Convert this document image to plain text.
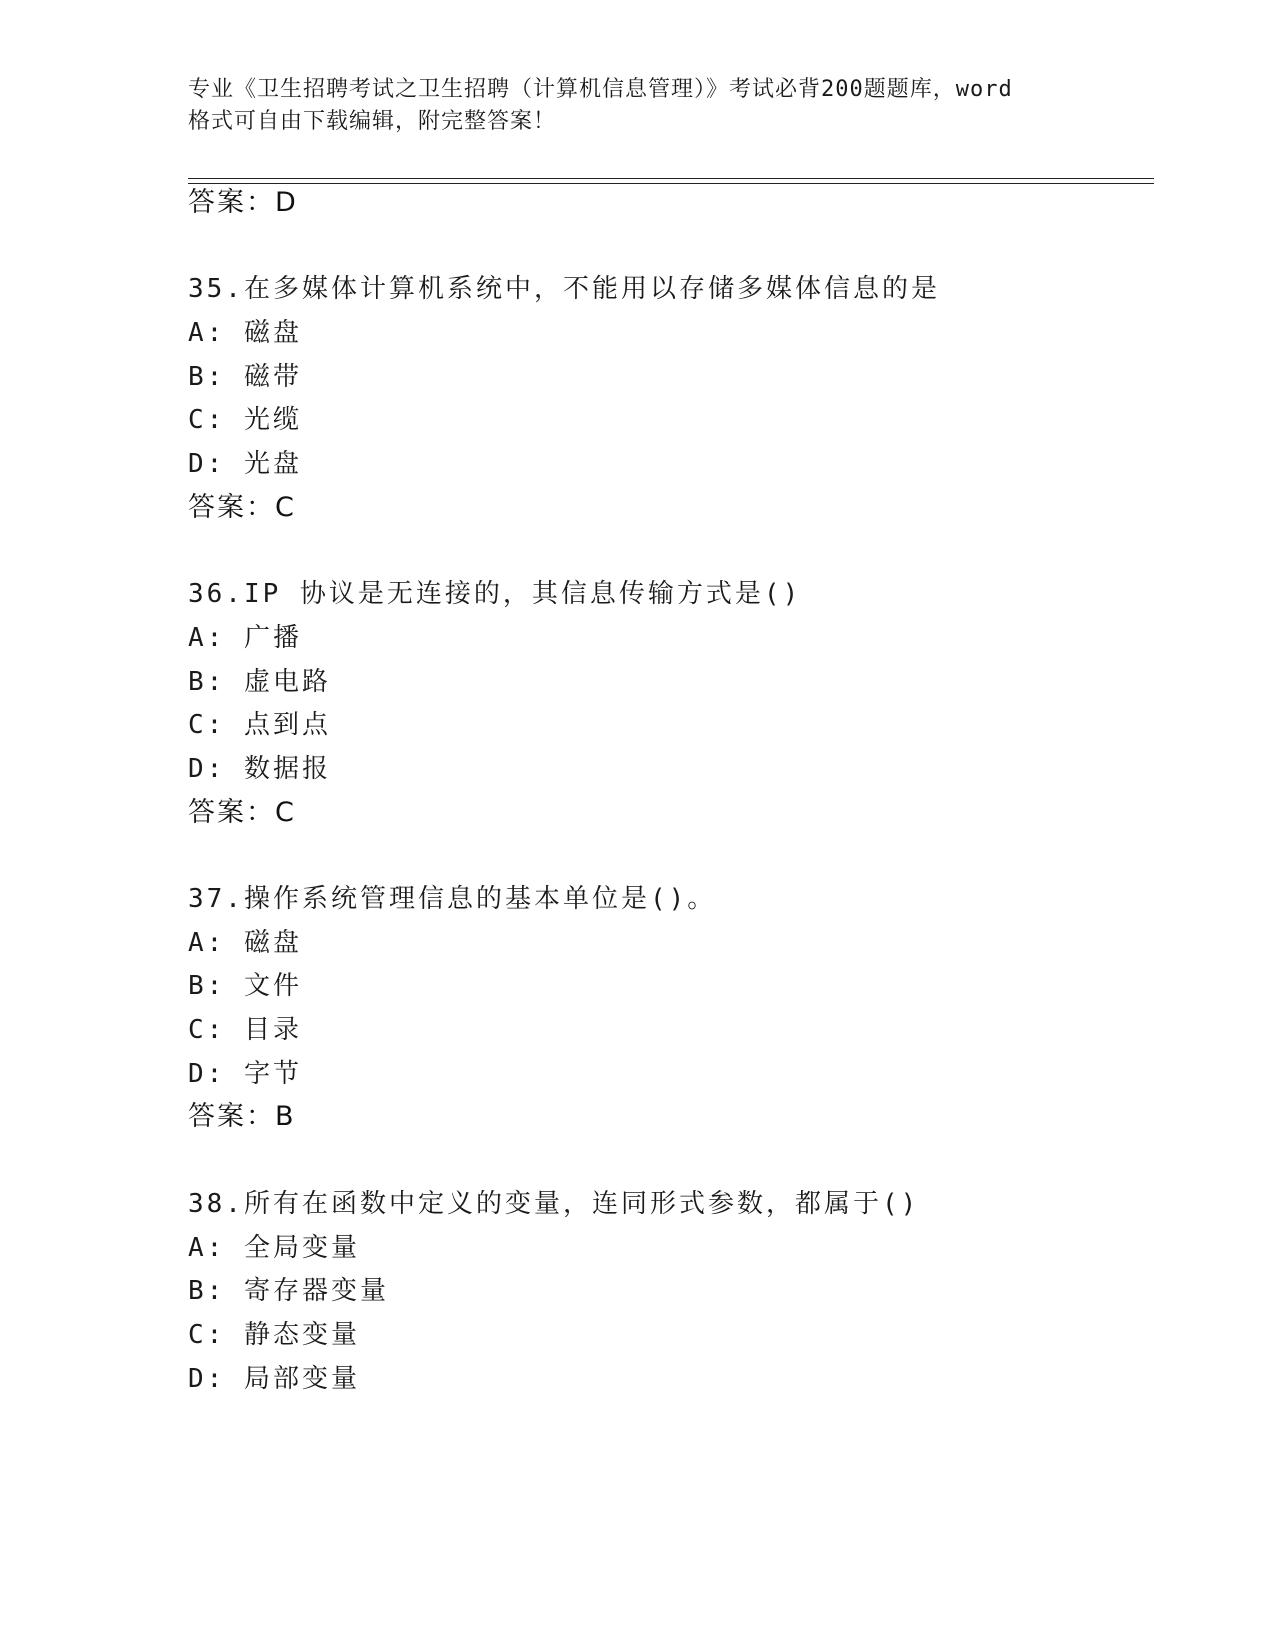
专业《卫生招聘考试之卫生招聘（计算机信息管理）》考试必背200题题库，word
格式可自由下载编辑，附完整答案！
答案：D
35.在多媒体计算机系统中，不能用以存储多媒体信息的是
A: 磁盘
B: 磁带
C: 光缆
D: 光盘
答案：C
36.IP 协议是无连接的，其信息传输方式是()
A: 广播
B: 虚电路
C: 点到点
D: 数据报
答案：C
37.操作系统管理信息的基本单位是()。
A: 磁盘
B: 文件
C: 目录
D: 字节
答案：B
38.所有在函数中定义的变量，连同形式参数，都属于()
A: 全局变量
B: 寄存器变量
C: 静态变量
D: 局部变量
